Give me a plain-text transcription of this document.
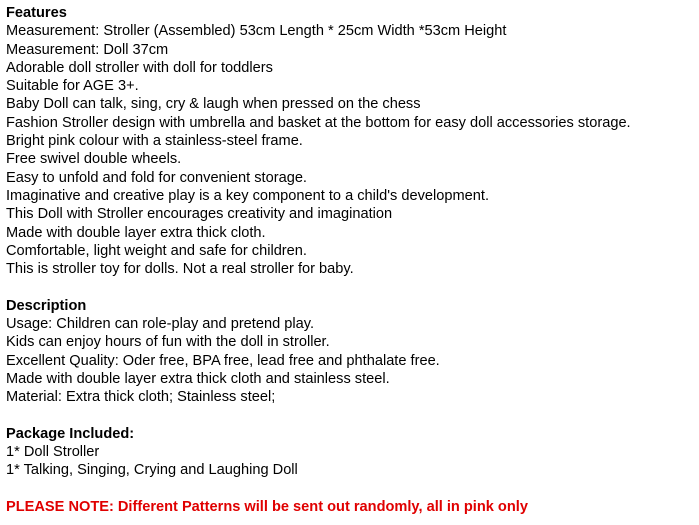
Features
Measurement: Stroller (Assembled) 53cm Length * 25cm Width *53cm Height
Measurement: Doll 37cm
Adorable doll stroller with doll for toddlers
Suitable for AGE 3+.
Baby Doll can talk, sing, cry & laugh when pressed on the chess
Fashion Stroller design with umbrella and basket at the bottom for easy doll accessories storage.
Bright pink colour with a stainless-steel frame.
Free swivel double wheels.
Easy to unfold and fold for convenient storage.
Imaginative and creative play is a key component to a child's development.
This Doll with Stroller encourages creativity and imagination
Made with double layer extra thick cloth.
Comfortable, light weight and safe for children.
This is stroller toy for dolls. Not a real stroller for baby.
Description
Usage: Children can role-play and pretend play.
Kids can enjoy hours of fun with the doll in stroller.
Excellent Quality: Oder free, BPA free, lead free and phthalate free.
Made with double layer extra thick cloth and stainless steel.
Material: Extra thick cloth; Stainless steel;
Package Included:
1* Doll Stroller
1* Talking, Singing, Crying and Laughing Doll
PLEASE NOTE: Different Patterns will be sent out randomly, all in pink only
